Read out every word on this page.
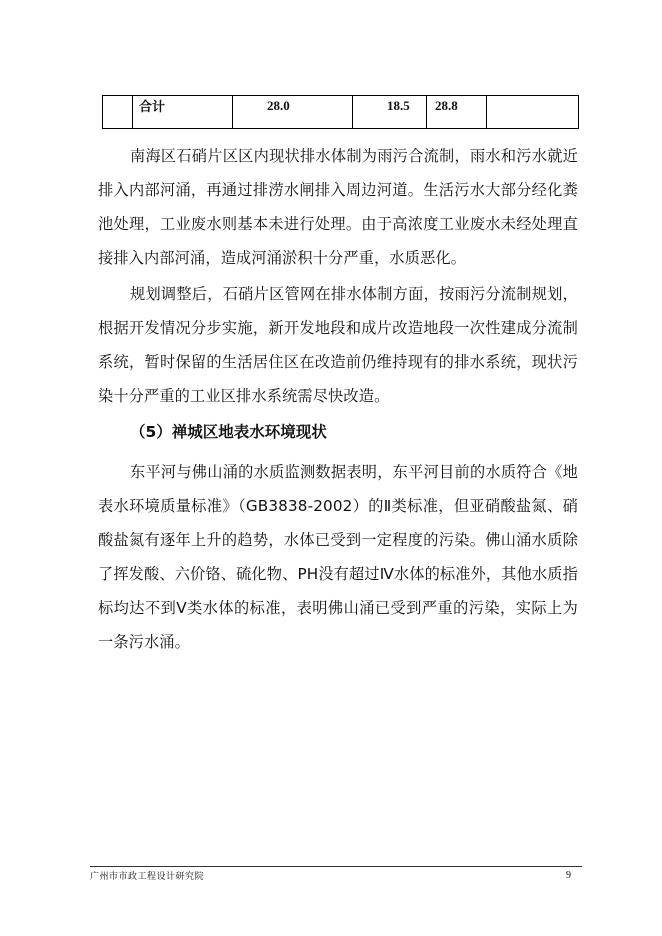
	合计	28.0	18.5	28.8	

南海区石硝片区区内现状排水体制为雨污合流制，雨水和污水就近排入内部河涌，再通过排涝水闸排入周边河道。生活污水大部分经化粪池处理，工业废水则基本未进行处理。由于高浓度工业废水未经处理直接排入内部河涌，造成河涌淤积十分严重，水质恶化。

规划调整后，石硝片区管网在排水体制方面，按雨污分流制规划，根据开发情况分步实施，新开发地段和成片改造地段一次性建成分流制系统，暂时保留的生活居住区在改造前仍维持现有的排水系统，现状污染十分严重的工业区排水系统需尽快改造。

（5）禅城区地表水环境现状

东平河与佛山涌的水质监测数据表明，东平河目前的水质符合《地表水环境质量标准》（GB3838-2002）的Ⅱ类标准，但亚硝酸盐氮、硝酸盐氮有逐年上升的趋势，水体已受到一定程度的污染。佛山涌水质除了挥发酸、六价铬、硫化物、PH没有超过Ⅳ水体的标准外，其他水质指标均达不到Ⅴ类水体的标准，表明佛山涌已受到严重的污染，实际上为一条污水涌。

广州市市政工程设计研究院	9
